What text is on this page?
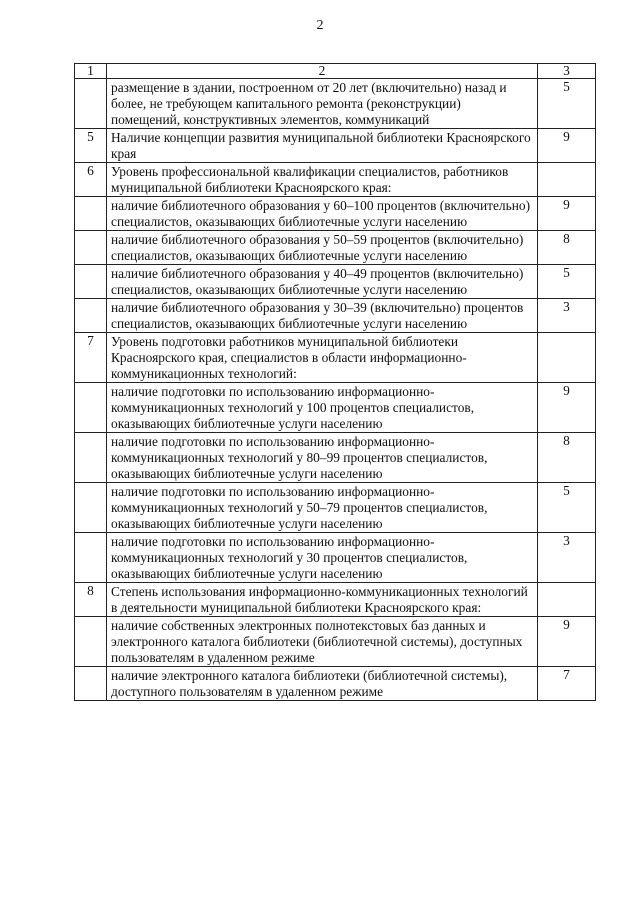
2
1	2	3
	размещение в здании, построенном от 20 лет (включительно) назад и более, не требующем капитального ремонта (реконструкции) помещений, конструктивных элементов, коммуникаций	5
5	Наличие концепции развития муниципальной библиотеки Красноярского края	9
6	Уровень профессиональной квалификации специалистов, работников муниципальной библиотеки Красноярского края:	
	наличие библиотечного образования у 60–100 процентов (включительно) специалистов, оказывающих библиотечные услуги населению	9
	наличие библиотечного образования у 50–59 процентов (включительно) специалистов, оказывающих библиотечные услуги населению	8
	наличие библиотечного образования у 40–49 процентов (включительно) специалистов, оказывающих библиотечные услуги населению	5
	наличие библиотечного образования у 30–39 (включительно) процентов специалистов, оказывающих библиотечные услуги населению	3
7	Уровень подготовки работников муниципальной библиотеки Красноярского края, специалистов в области информационно-коммуникационных технологий:	
	наличие подготовки по использованию информационно-коммуникационных технологий у 100 процентов специалистов, оказывающих библиотечные услуги населению	9
	наличие подготовки по использованию информационно-коммуникационных технологий у 80–99 процентов специалистов, оказывающих библиотечные услуги населению	8
	наличие подготовки по использованию информационно-коммуникационных технологий у 50–79 процентов специалистов, оказывающих библиотечные услуги населению	5
	наличие подготовки по использованию информационно-коммуникационных технологий у 30 процентов специалистов, оказывающих библиотечные услуги населению	3
8	Степень использования информационно-коммуникационных технологий в деятельности муниципальной библиотеки Красноярского края:	
	наличие собственных электронных полнотекстовых баз данных и электронного каталога библиотеки (библиотечной системы), доступных пользователям в удаленном режиме	9
	наличие электронного каталога библиотеки (библиотечной системы), доступного пользователям в удаленном режиме	7
